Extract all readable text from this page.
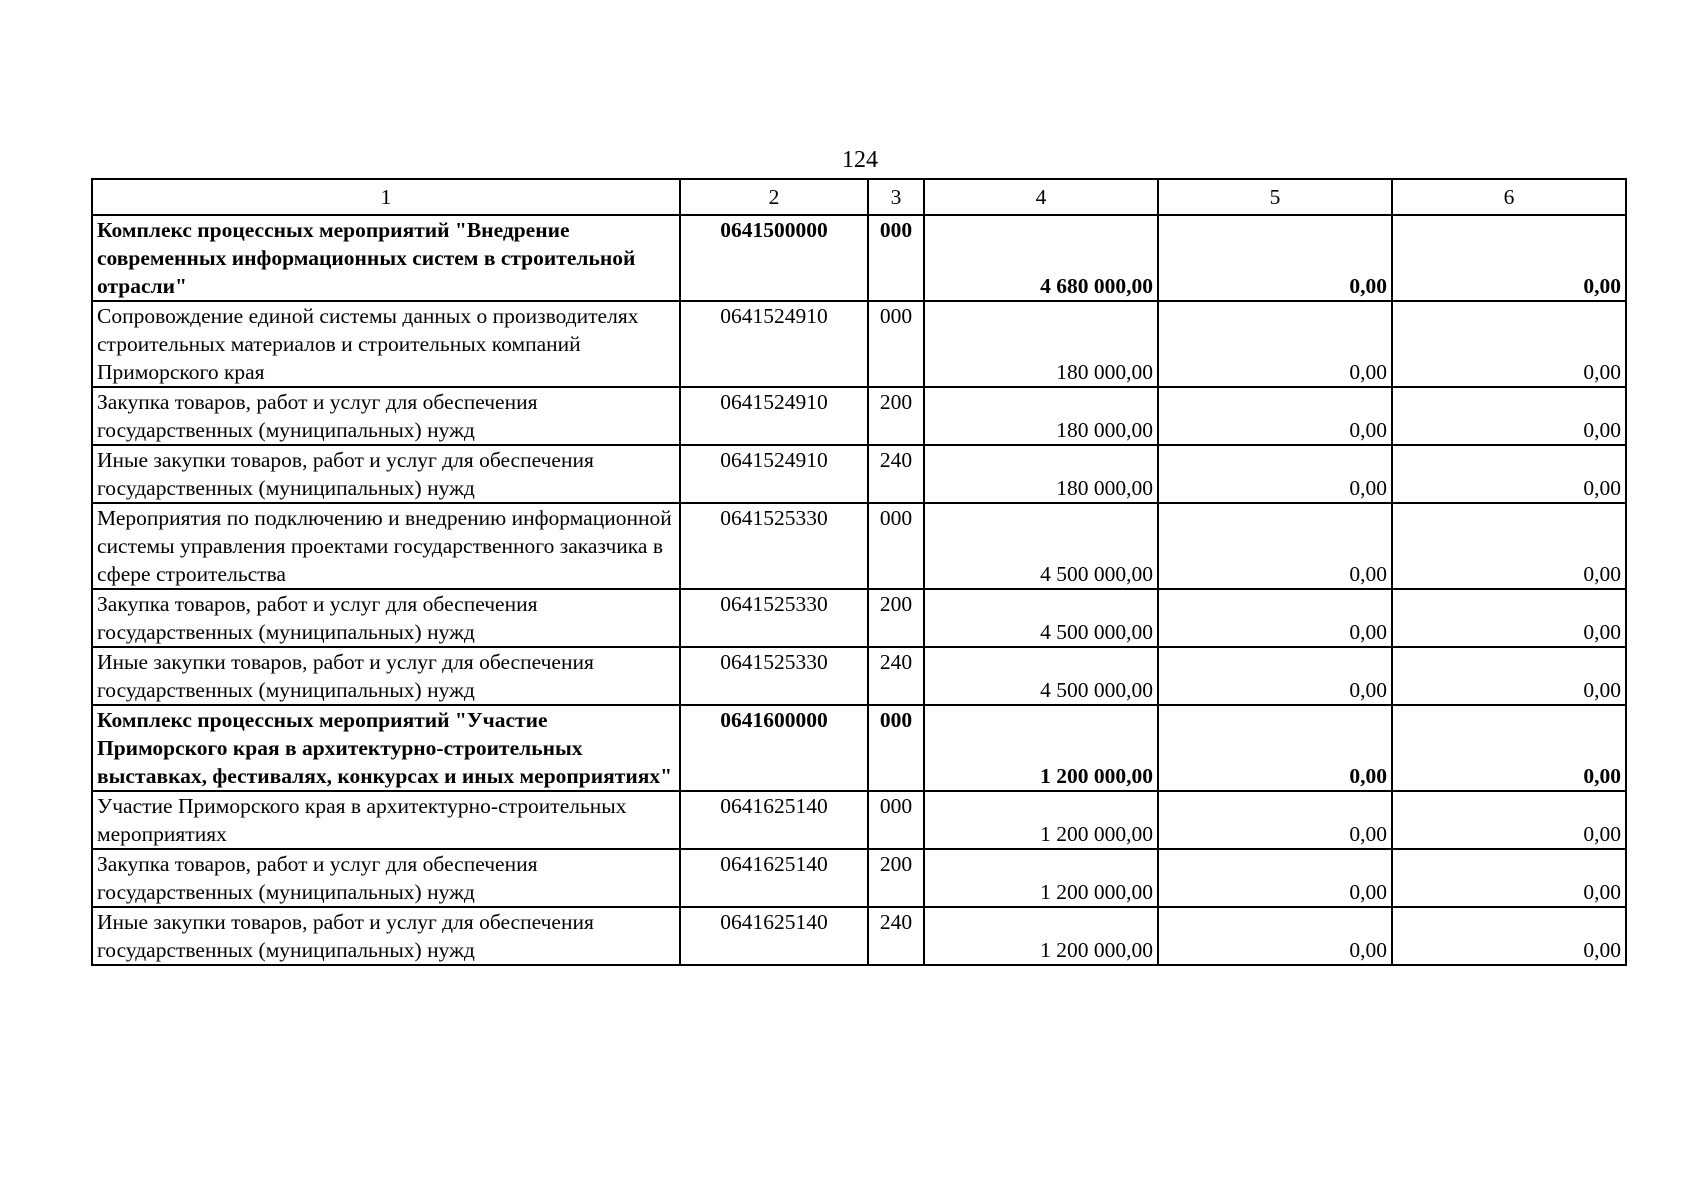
124
1	2	3	4	5	6
Комплекс процессных мероприятий "Внедрение современных информационных систем в строительной отрасли"	0641500000	000	4 680 000,00	0,00	0,00
Сопровождение единой системы данных о производителях строительных материалов и строительных компаний Приморского края	0641524910	000	180 000,00	0,00	0,00
Закупка товаров, работ и услуг для обеспечения государственных (муниципальных) нужд	0641524910	200	180 000,00	0,00	0,00
Иные закупки товаров, работ и услуг для обеспечения государственных (муниципальных) нужд	0641524910	240	180 000,00	0,00	0,00
Мероприятия по подключению и внедрению информационной системы управления проектами государственного заказчика в сфере строительства	0641525330	000	4 500 000,00	0,00	0,00
Закупка товаров, работ и услуг для обеспечения государственных (муниципальных) нужд	0641525330	200	4 500 000,00	0,00	0,00
Иные закупки товаров, работ и услуг для обеспечения государственных (муниципальных) нужд	0641525330	240	4 500 000,00	0,00	0,00
Комплекс процессных мероприятий "Участие Приморского края в архитектурно-строительных выставках, фестивалях, конкурсах и иных мероприятиях"	0641600000	000	1 200 000,00	0,00	0,00
Участие Приморского края в архитектурно-строительных мероприятиях	0641625140	000	1 200 000,00	0,00	0,00
Закупка товаров, работ и услуг для обеспечения государственных (муниципальных) нужд	0641625140	200	1 200 000,00	0,00	0,00
Иные закупки товаров, работ и услуг для обеспечения государственных (муниципальных) нужд	0641625140	240	1 200 000,00	0,00	0,00
